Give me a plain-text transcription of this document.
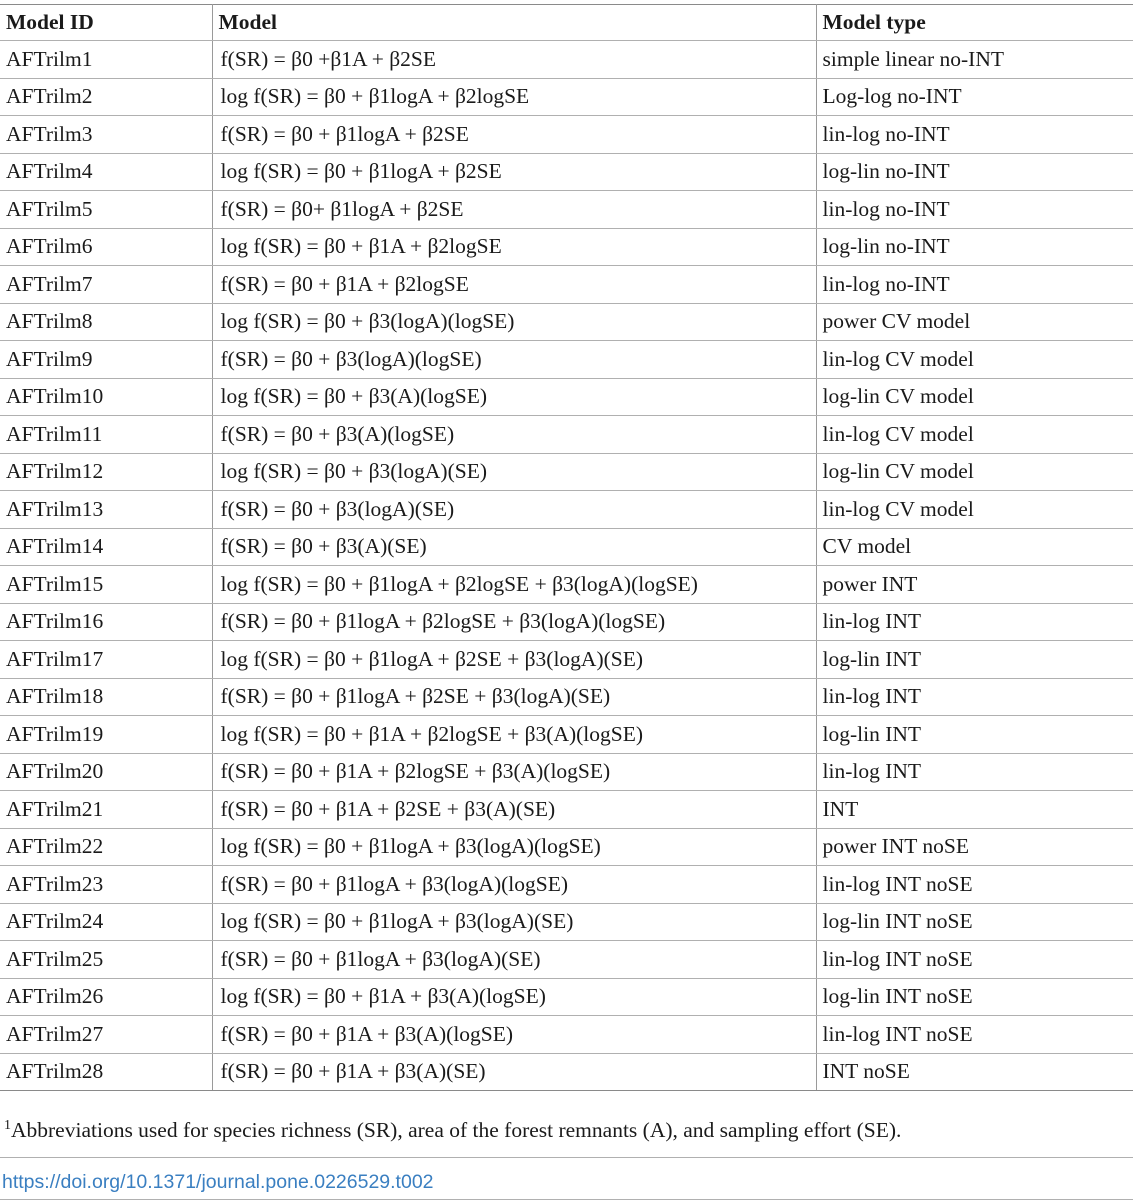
Model ID	Model	Model type
AFTrilm1	f(SR) = β0 +β1A + β2SE	simple linear no-INT
AFTrilm2	log f(SR) = β0 + β1logA + β2logSE	Log-log no-INT
AFTrilm3	f(SR) = β0 + β1logA + β2SE	lin-log no-INT
AFTrilm4	log f(SR) = β0 + β1logA + β2SE	log-lin no-INT
AFTrilm5	f(SR) = β0+ β1logA + β2SE	lin-log no-INT
AFTrilm6	log f(SR) = β0 + β1A + β2logSE	log-lin no-INT
AFTrilm7	f(SR) = β0 + β1A + β2logSE	lin-log no-INT
AFTrilm8	log f(SR) = β0 + β3(logA)(logSE)	power CV model
AFTrilm9	f(SR) = β0 + β3(logA)(logSE)	lin-log CV model
AFTrilm10	log f(SR) = β0 + β3(A)(logSE)	log-lin CV model
AFTrilm11	f(SR) = β0 + β3(A)(logSE)	lin-log CV model
AFTrilm12	log f(SR) = β0 + β3(logA)(SE)	log-lin CV model
AFTrilm13	f(SR) = β0 + β3(logA)(SE)	lin-log CV model
AFTrilm14	f(SR) = β0 + β3(A)(SE)	CV model
AFTrilm15	log f(SR) = β0 + β1logA + β2logSE + β3(logA)(logSE)	power INT
AFTrilm16	f(SR) = β0 + β1logA + β2logSE + β3(logA)(logSE)	lin-log INT
AFTrilm17	log f(SR) = β0 + β1logA + β2SE + β3(logA)(SE)	log-lin INT
AFTrilm18	f(SR) = β0 + β1logA + β2SE + β3(logA)(SE)	lin-log INT
AFTrilm19	log f(SR) = β0 + β1A + β2logSE + β3(A)(logSE)	log-lin INT
AFTrilm20	f(SR) = β0 + β1A + β2logSE + β3(A)(logSE)	lin-log INT
AFTrilm21	f(SR) = β0 + β1A + β2SE + β3(A)(SE)	INT
AFTrilm22	log f(SR) = β0 + β1logA + β3(logA)(logSE)	power INT noSE
AFTrilm23	f(SR) = β0 + β1logA + β3(logA)(logSE)	lin-log INT noSE
AFTrilm24	log f(SR) = β0 + β1logA + β3(logA)(SE)	log-lin INT noSE
AFTrilm25	f(SR) = β0 + β1logA + β3(logA)(SE)	lin-log INT noSE
AFTrilm26	log f(SR) = β0 + β1A + β3(A)(logSE)	log-lin INT noSE
AFTrilm27	f(SR) = β0 + β1A + β3(A)(logSE)	lin-log INT noSE
AFTrilm28	f(SR) = β0 + β1A + β3(A)(SE)	INT noSE
$^1$Abbreviations used for species richness (SR), area of the forest remnants (A), and sampling effort (SE).
https://doi.org/10.1371/journal.pone.0226529.t002
